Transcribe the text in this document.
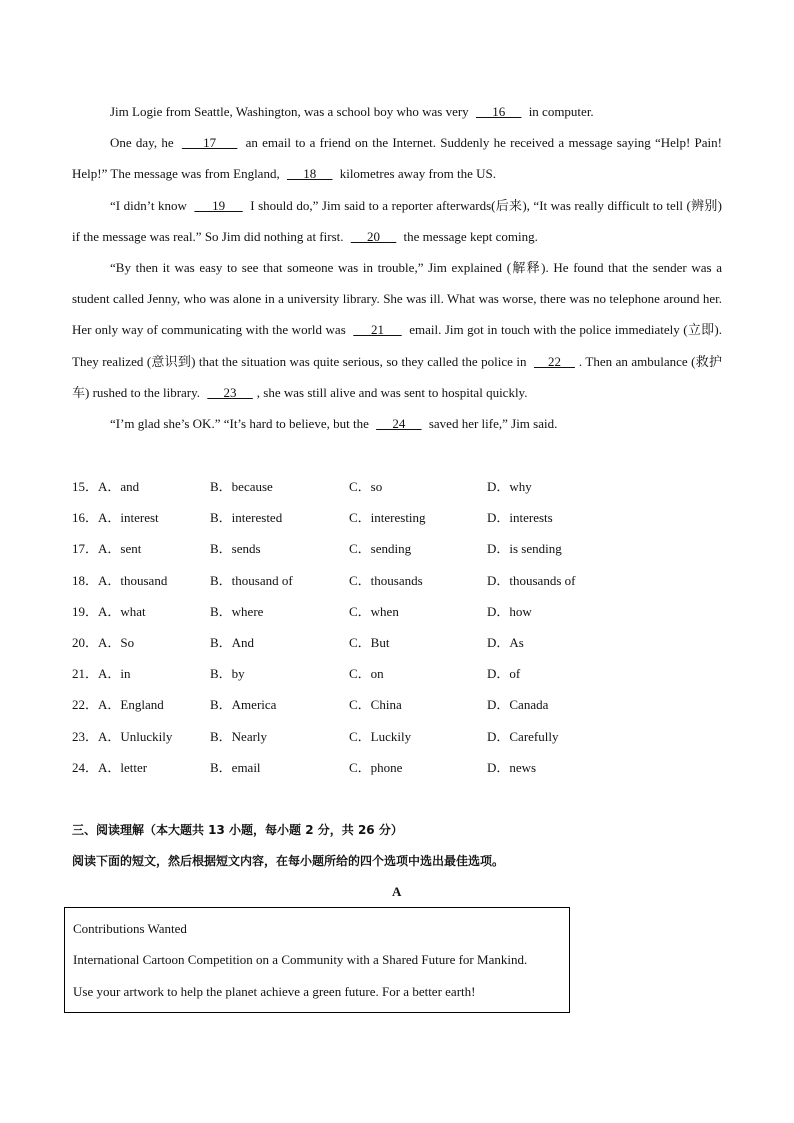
Jim Logie from Seattle, Washington, was a school boy who was very      16      in computer.

One day, he      17      an email to a friend on the Internet. Suddenly he received a message saying “Help! Pain! Help!” The message was from England,      18      kilometres away from the US.

“I didn’t know      19      I should do,” Jim said to a reporter afterwards(后来), “It was really difficult to tell (辨别) if the message was real.” So Jim did nothing at first.      20      the message kept coming.

“By then it was easy to see that someone was in trouble,” Jim explained (解释). He found that the sender was a student called Jenny, who was alone in a university library. She was ill. What was worse, there was no telephone around her. Her only way of communicating with the world was      21      email. Jim got in touch with the police immediately (立即). They realized (意识到) that the situation was quite serious, so they called the police in     22    . Then an ambulance (救护车) rushed to the library.      23     , she was still alive and was sent to hospital quickly.

“I’m glad she’s OK.” “It’s hard to believe, but the      24      saved her life,” Jim said.

15．A．and	B．because	C．so	D．why
16．A．interest	B．interested	C．interesting	D．interests
17．A．sent	B．sends	C．sending	D．is sending
18．A．thousand	B．thousand of	C．thousands	D．thousands of
19．A．what	B．where	C．when	D．how
20．A．So	B．And	C．But	D．As
21．A．in	B．by	C．on	D．of
22．A．England	B．America	C．China	D．Canada
23．A．Unluckily	B．Nearly	C．Luckily	D．Carefully
24．A．letter	B．email	C．phone	D．news
三、阅读理解（本大题共 13 小题，每小题 2 分，共 26 分）
阅读下面的短文，然后根据短文内容，在每小题所给的四个选项中选出最佳选项。
A
Contributions Wanted
International Cartoon Competition on a Community with a Shared Future for Mankind.
Use your artwork to help the planet achieve a green future. For a better earth!
